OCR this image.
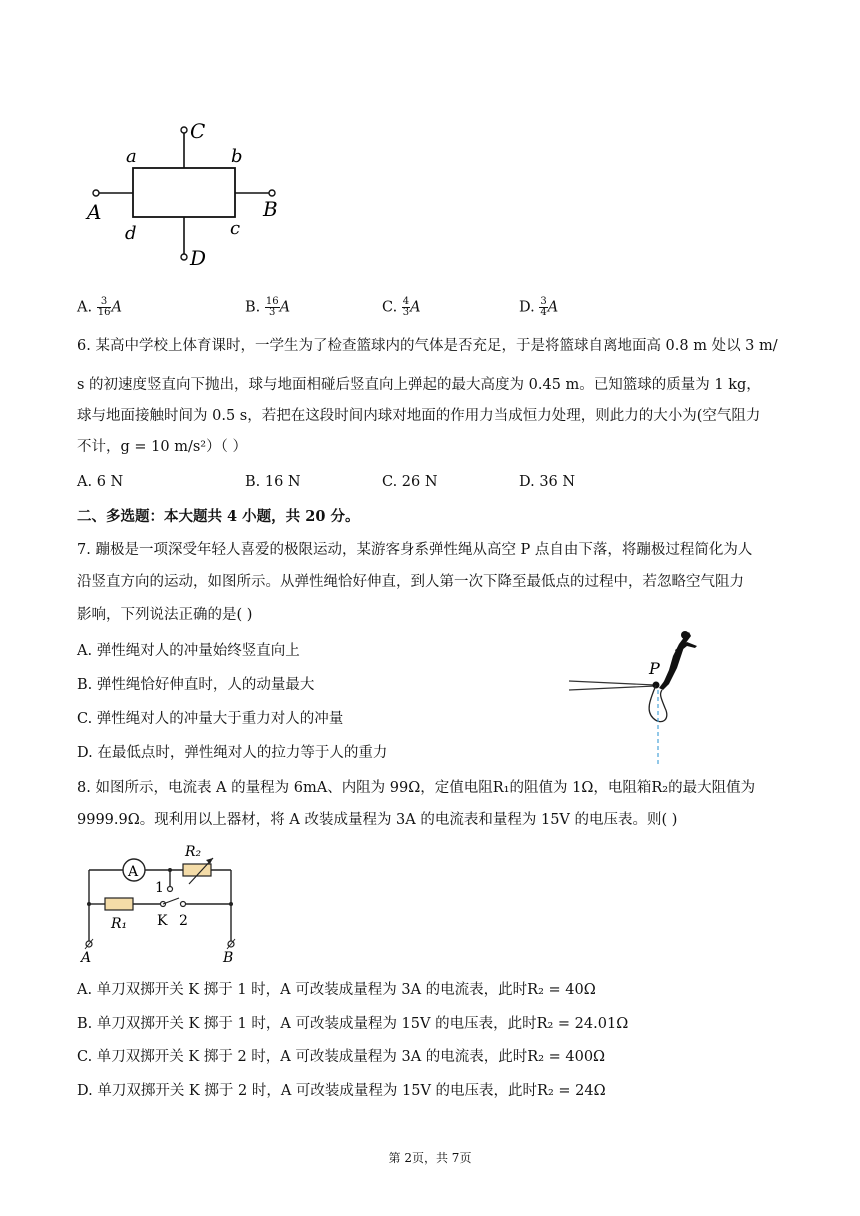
a	b
c
d
A	B
C
D
A. $\frac{3}{16}$ A	B. $\frac{16}{3}$ A	C. $\frac{4}{3}$ A	D. $\frac{3}{4}$ A
6. 某高中学校上体育课时，一学生为了检查篮球内的气体是否充足，于是将篮球自离地面高 0.8 m 处以 3 m/
s 的初速度竖直向下抛出，球与地面相碰后竖直向上弹起的最大高度为 0.45 m。已知篮球的质量为 1 kg，
球与地面接触时间为 0.5 s，若把在这段时间内球对地面的作用力当成恒力处理，则此力的大小为(空气阻力
不计，g = 10 m/s²）（ ）
A. 6 N	B. 16 N	C. 26 N	D. 36 N
二、多选题：本大题共 4 小题，共 20 分。
7. 蹦极是一项深受年轻人喜爱的极限运动，某游客身系弹性绳从高空 P 点自由下落，将蹦极过程简化为人
沿竖直方向的运动，如图所示。从弹性绳恰好伸直，到人第一次下降至最低点的过程中，若忽略空气阻力
影响，下列说法正确的是( )
A. 弹性绳对人的冲量始终竖直向上
B. 弹性绳恰好伸直时，人的动量最大
C. 弹性绳对人的冲量大于重力对人的冲量
D. 在最低点时，弹性绳对人的拉力等于人的重力
P
8. 如图所示，电流表 A 的量程为 6mA、内阻为 99Ω，定值电阻R₁的阻值为 1Ω，电阻箱R₂的最大阻值为
9999.9Ω。现利用以上器材，将 A 改装成量程为 3A 的电流表和量程为 15V 的电压表。则( )
A
R₂
1
R₁ K 2
A	B
A. 单刀双掷开关 K 掷于 1 时，A 可改装成量程为 3A 的电流表，此时R₂ = 40Ω
B. 单刀双掷开关 K 掷于 1 时，A 可改装成量程为 15V 的电压表，此时R₂ = 24.01Ω
C. 单刀双掷开关 K 掷于 2 时，A 可改装成量程为 3A 的电流表，此时R₂ = 400Ω
D. 单刀双掷开关 K 掷于 2 时，A 可改装成量程为 15V 的电压表，此时R₂ = 24Ω
第 2页，共 7页
